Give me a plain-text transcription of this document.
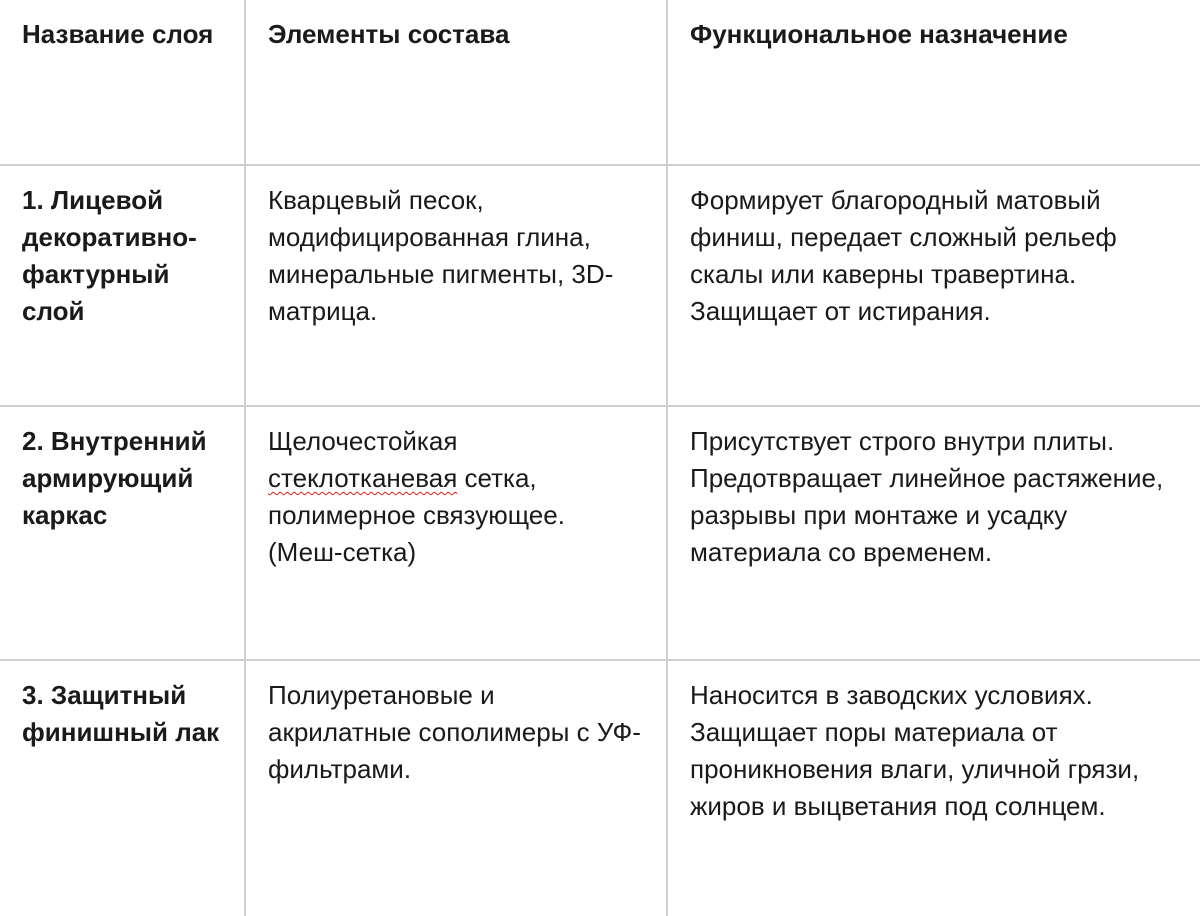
Название слоя	Элементы состава	Функциональное назначение
1. Лицевой декоративно-фактурный слой	Кварцевый песок, модифицированная глина, минеральные пигменты, 3D-матрица.	Формирует благородный матовый финиш, передает сложный рельеф скалы или каверны травертина. Защищает от истирания.
2. Внутренний армирующий каркас	Щелочестойкая стеклотканевая сетка, полимерное связующее. (Меш-сетка)	Присутствует строго внутри плиты. Предотвращает линейное растяжение, разрывы при монтаже и усадку материала со временем.
3. Защитный финишный лак	Полиуретановые и акрилатные сополимеры с УФ-фильтрами.	Наносится в заводских условиях. Защищает поры материала от проникновения влаги, уличной грязи, жиров и выцветания под солнцем.
